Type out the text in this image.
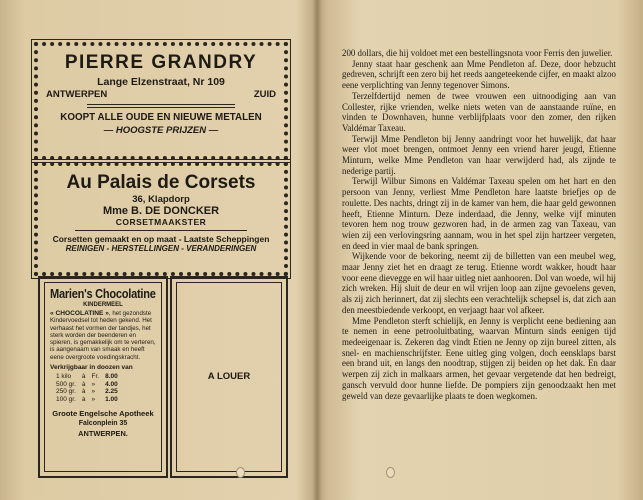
PIERRE GRANDRY
Lange Elzenstraat, Nr 109
ANTWERPEN	ZUID
KOOPT ALLE OUDE EN NIEUWE METALEN
— HOOGSTE PRIJZEN —
Au Palais de Corsets
36, Klapdorp
Mme B. DE DONCKER
CORSETMAAKSTER
Corsetten gemaakt en op maat - Laatste Scheppingen
REINIGEN - HERSTELLINGEN - VERANDERINGEN
Marien's Chocolatine
KINDERMEEL
« CHOCOLATINE », het gezondste Kindervoedsel tot heden gekend. Het verhaast het vormen der tandjes, het sterk worden der beenderen en spieren, is gemakkelijk om te verteren, is aangenaam van smaak en heeft eene overgroote voedingskracht.
Verkrijgbaar in doozen van
1 kilo	à	Fr.	8.00
500 gr.	à	»	4.00
250 gr.	à	»	2.25
100 gr.	à	»	1.00
Groote Engelsche Apotheek
Falconplein 35
ANTWERPEN.
A LOUER

200 dollars, die hij voldoet met een bestellingsnota voor Ferris den juwelier.

Jenny staat haar geschenk aan Mme Pendleton af. Deze, door hebzucht gedreven, schrijft een zero bij het reeds aangeteekende cijfer, en maakt alzoo eene verplichting van Jenny tegenover Simons.

Terzelfdertijd nemen de twee vrouwen een uitnoodiging aan van Collester, rijke vrienden, welke niets weten van de aanstaande ruïne, en vinden te Downhaven, hunne verblijfplaats voor den zomer, den rijken Valdémar Taxeau.

Terwijl Mme Pendleton bij Jenny aandringt voor het huwelijk, dat haar weer vlot moet brengen, ontmoet Jenny een vriend harer jeugd, Etienne Minturn, welke Mme Pendleton van haar verwijderd had, als zijnde te nederige partij.

Terwijl Wilbur Simons en Valdémar Taxeau spelen om het hart en den persoon van Jenny, verliest Mme Pendleton hare laatste briefjes op de roulette. Des nachts, dringt zij in de kamer van hem, die haar geld gewonnen heeft, Etienne Minturn. Deze inderdaad, die Jenny, welke vijf minuten tevoren hem nog trouw gezworen had, in de armen zag van Taxeau, van wien zij een verlovingsring aannam, wou in het spel zijn hartzeer vergeten, en deed in vier maal de bank springen.

Wijkende voor de bekoring, neemt zij de billetten van een meubel weg, maar Jenny ziet het en draagt ze terug. Etienne wordt wakker, houdt haar voor eene dievegge en wil haar uitleg niet aanhooren. Dol van woede, wil hij zich wreken. Hij sluit de deur en wil vrijen loop aan zijne gevoelens geven, als zij zich herinnert, dat zij slechts een verachtelijk schepsel is, dat zich aan den meestbiedende verkoopt, en verjaagt haar vol afkeer.

Mme Pendleton sterft schielijk, en Jenny is verplicht eene bediening aan te nemen in eene petrooluitbating, waarvan Minturn sinds eenigen tijd medeeigenaar is. Zekeren dag vindt Etien ne Jenny op zijn bureel zitten, als snel- en machienschrijfster. Eene uitleg ging volgen, doch eensklaps barst een brand uit, en langs den noodtrap, stijgen zij beiden op het dak. En daar werpen zij zich in malkaars armen, het gevaar vergetende dat hen bedreigt, gansch vervuld door hunne liefde. De pompiers zijn genoodzaakt hen met geweld van deze gevaarlijke plaats te doen wegkomen.
